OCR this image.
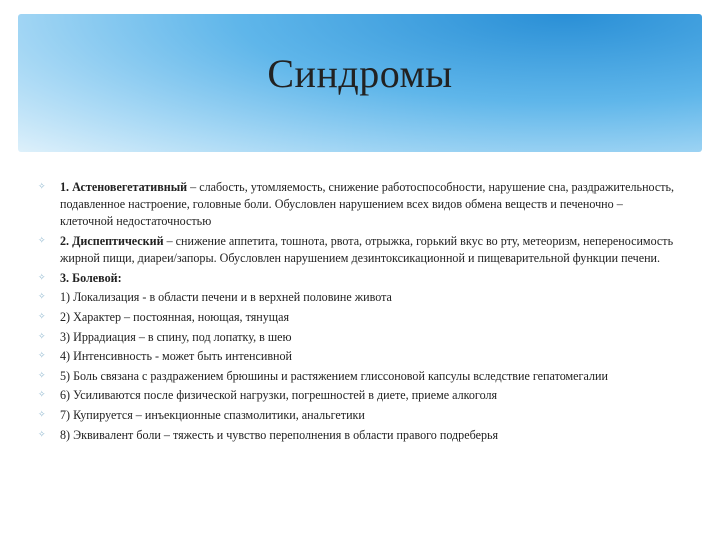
Синдромы
✧ 1. Астеновегетативный – слабость, утомляемость, снижение работоспособности, нарушение сна, раздражительность, подавленное настроение, головные боли. Обусловлен нарушением всех видов обмена веществ и печеночно – клеточной недостаточностью
✧ 2. Диспептический – снижение аппетита, тошнота, рвота, отрыжка, горький вкус во рту, метеоризм, непереносимость жирной пищи, диареи/запоры. Обусловлен нарушением дезинтоксикационной и пищеварительной функции печени.
✧ 3. Болевой:
✧ 1) Локализация - в области печени и в верхней половине живота
✧ 2) Характер – постоянная, ноющая, тянущая
✧ 3) Иррадиация – в спину, под лопатку, в шею
✧ 4) Интенсивность - может быть интенсивной
✧ 5) Боль связана с раздражением брюшины и растяжением глиссоновой капсулы вследствие гепатомегалии
✧ 6) Усиливаются после физической нагрузки, погрешностей в диете, приеме алкоголя
✧ 7) Купируется – инъекционные спазмолитики, анальгетики
✧ 8) Эквивалент боли – тяжесть и чувство переполнения в области правого подреберья
